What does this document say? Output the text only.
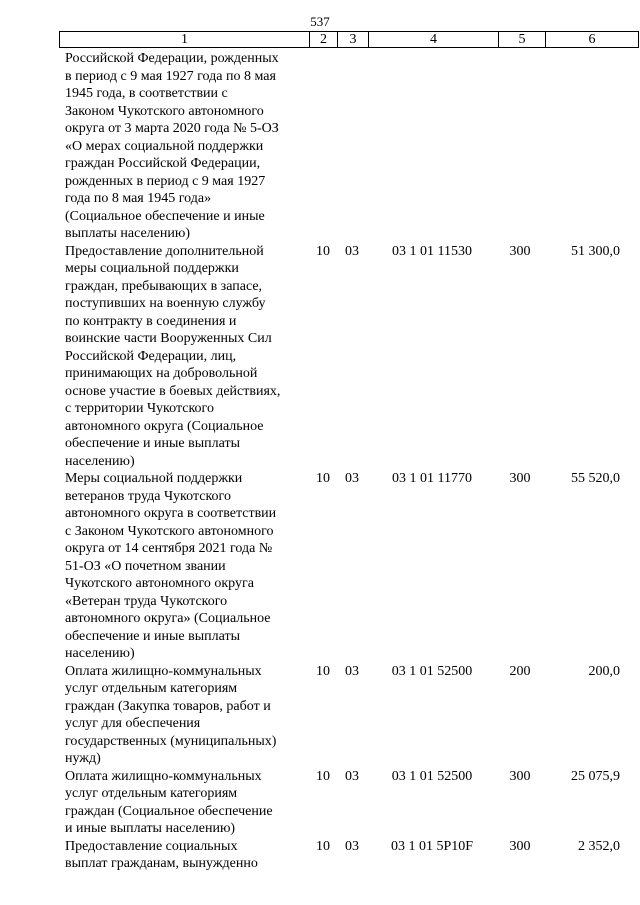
537
1	2	3	4	5	6
Российской Федерации, рожденных
в период с 9 мая 1927 года по 8 мая
1945 года, в соответствии с
Законом Чукотского автономного
округа от 3 марта 2020 года № 5-ОЗ
«О мерах социальной поддержки
граждан Российской Федерации,
рожденных в период с 9 мая 1927
года по 8 мая 1945 года»
(Социальное обеспечение и иные
выплаты населению)
Предоставление дополнительной
меры социальной поддержки
граждан, пребывающих в запасе,
поступивших на военную службу
по контракту в соединения и
воинские части Вооруженных Сил
Российской Федерации, лиц,
принимающих на добровольной
основе участие в боевых действиях,
с территории Чукотского
автономного округа (Социальное
обеспечение и иные выплаты
населению)
10	03	03 1 01 11530	300	51 300,0
Меры социальной поддержки
ветеранов труда Чукотского
автономного округа в соответствии
с Законом Чукотского автономного
округа от 14 сентября 2021 года №
51-ОЗ «О почетном звании
Чукотского автономного округа
«Ветеран труда Чукотского
автономного округа» (Социальное
обеспечение и иные выплаты
населению)
10	03	03 1 01 11770	300	55 520,0
Оплата жилищно-коммунальных
услуг отдельным категориям
граждан (Закупка товаров, работ и
услуг для обеспечения
государственных (муниципальных)
нужд)
10	03	03 1 01 52500	200	200,0
Оплата жилищно-коммунальных
услуг отдельным категориям
граждан (Социальное обеспечение
и иные выплаты населению)
10	03	03 1 01 52500	300	25 075,9
Предоставление социальных
выплат гражданам, вынужденно
10	03	03 1 01 5Р10F	300	2 352,0
